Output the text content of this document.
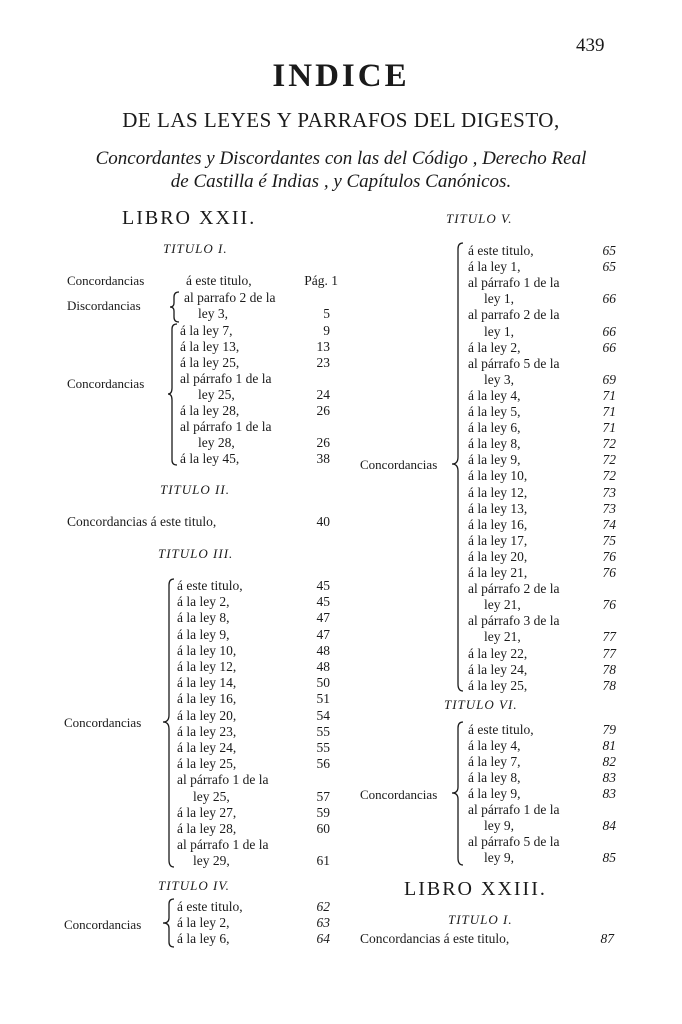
439
INDICE
DE LAS LEYES Y PARRAFOS DEL DIGESTO,
Concordantes y Discordantes con las del Código , Derecho Real
de Castilla é Indias , y Capítulos Canónicos.
LIBRO XXII.
TITULO I.
Concordancias	á este titulo,	Pág. 1
Discordancias
al parrafo 2 de la
ley 3,	5
Concordancias
á la ley 7,	9
á la ley 13,	13
á la ley 25,	23
al párrafo 1 de la
ley 25,	24
á la ley 28,	26
al párrafo 1 de la
ley 28,	26
á la ley 45,	38
TITULO II.
Concordancias á este titulo,	40
TITULO III.
Concordancias
á este titulo,	45
á la ley 2,	45
á la ley 8,	47
á la ley 9,	47
á la ley 10,	48
á la ley 12,	48
á la ley 14,	50
á la ley 16,	51
á la ley 20,	54
á la ley 23,	55
á la ley 24,	55
á la ley 25,	56
al párrafo 1 de la
ley 25,	57
á la ley 27,	59
á la ley 28,	60
al párrafo 1 de la
ley 29,	61
TITULO IV.
Concordancias
á este titulo,	62
á la ley 2,	63
á la ley 6,	64
TITULO V.
Concordancias
á este titulo,	65
á la ley 1,	65
al párrafo 1 de la
ley 1,	66
al parrafo 2 de la
ley 1,	66
á la ley 2,	66
al párrafo 5 de la
ley 3,	69
á la ley 4,	71
á la ley 5,	71
á la ley 6,	71
á la ley 8,	72
á la ley 9,	72
á la ley 10,	72
á la ley 12,	73
á la ley 13,	73
á la ley 16,	74
á la ley 17,	75
á la ley 20,	76
á la ley 21,	76
al párrafo 2 de la
ley 21,	76
al párrafo 3 de la
ley 21,	77
á la ley 22,	77
á la ley 24,	78
á la ley 25,	78
TITULO VI.
Concordancias
á este titulo,	79
á la ley 4,	81
á la ley 7,	82
á la ley 8,	83
á la ley 9,	83
al párrafo 1 de la
ley 9,	84
al párrafo 5 de la
ley 9,	85
LIBRO XXIII.
TITULO I.
Concordancias á este titulo,	87
